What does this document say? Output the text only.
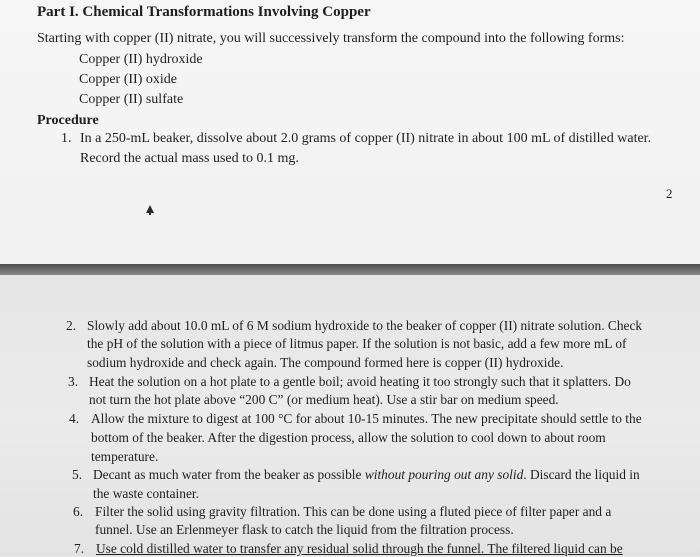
Part I. Chemical Transformations Involving Copper
Starting with copper (II) nitrate, you will successively transform the compound into the following forms:
Copper (II) hydroxide
Copper (II) oxide
Copper (II) sulfate
Procedure
1. In a 250-mL beaker, dissolve about 2.0 grams of copper (II) nitrate in about 100 mL of distilled water.
Record the actual mass used to 0.1 mg.
2
2. Slowly add about 10.0 mL of 6 M sodium hydroxide to the beaker of copper (II) nitrate solution. Check
the pH of the solution with a piece of litmus paper. If the solution is not basic, add a few more mL of
sodium hydroxide and check again. The compound formed here is copper (II) hydroxide.
3. Heat the solution on a hot plate to a gentle boil; avoid heating it too strongly such that it splatters. Do
not turn the hot plate above “200 C” (or medium heat). Use a stir bar on medium speed.
4. Allow the mixture to digest at 100 °C for about 10-15 minutes. The new precipitate should settle to the
bottom of the beaker. After the digestion process, allow the solution to cool down to about room
temperature.
5. Decant as much water from the beaker as possible without pouring out any solid. Discard the liquid in
the waste container.
6. Filter the solid using gravity filtration. This can be done using a fluted piece of filter paper and a
funnel. Use an Erlenmeyer flask to catch the liquid from the filtration process.
7. Use cold distilled water to transfer any residual solid through the funnel. The filtered liquid can be
